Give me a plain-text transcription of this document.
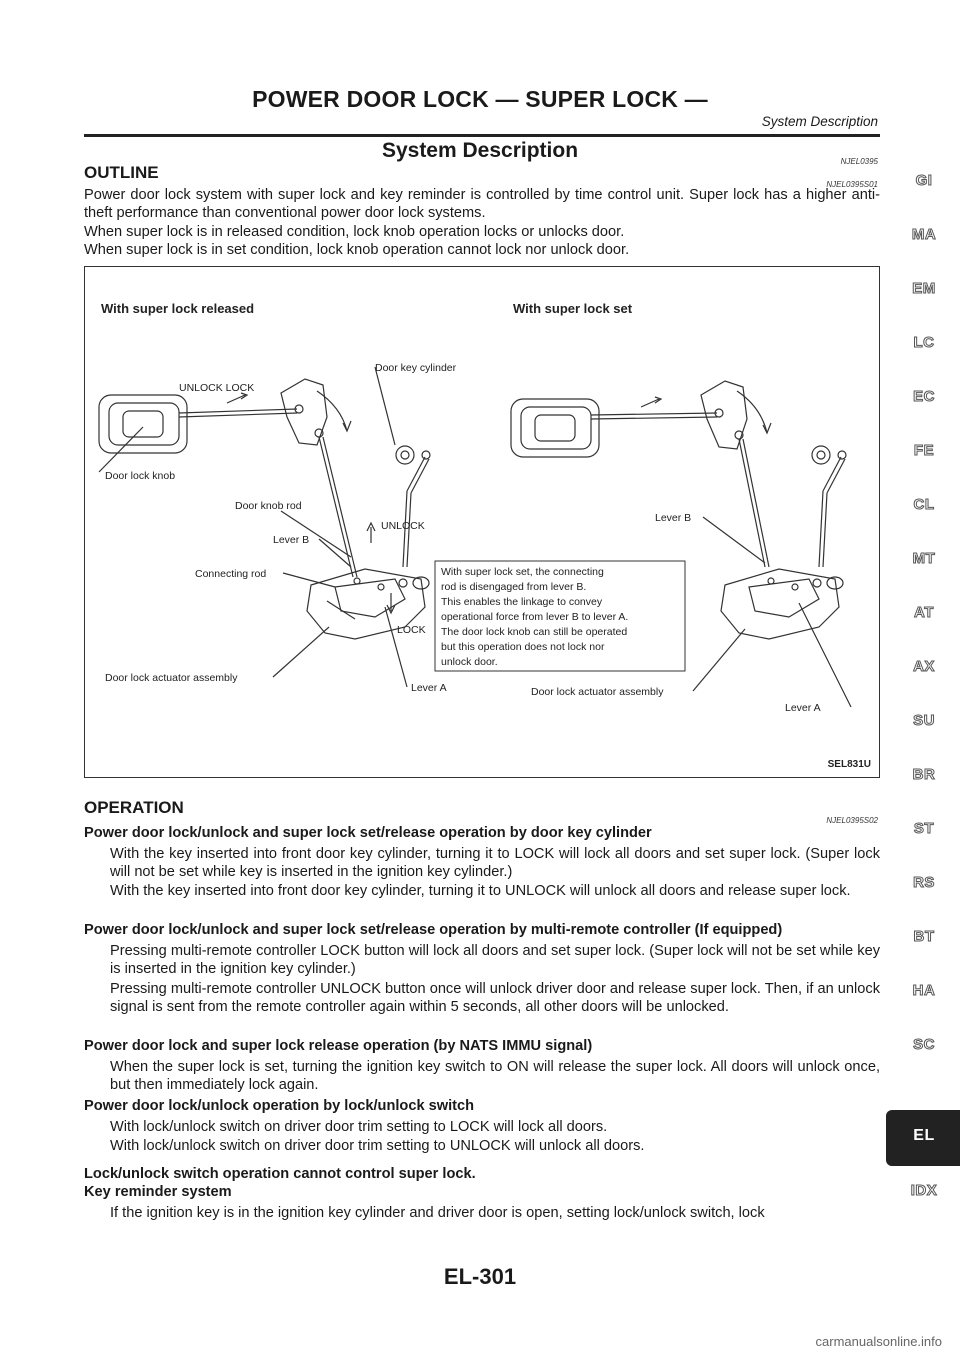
POWER DOOR LOCK — SUPER LOCK —
System Description
System Description	NJEL0395
OUTLINE
NJEL0395S01
Power door lock system with super lock and key reminder is controlled by time control unit. Super lock has a higher anti-theft performance than conventional power door lock systems.
When super lock is in released condition, lock knob operation locks or unlocks door.
When super lock is in set condition, lock knob operation cannot lock nor unlock door.
With super lock released	With super lock set
UNLOCK LOCK
Door key cylinder
Door lock knob
Door knob rod
Lever B
Connecting rod
UNLOCK
LOCK
Door lock actuator assembly
Lever A
Lever B
Door lock actuator assembly
Lever A
With super lock set, the connecting
rod is disengaged from lever B.
This enables the linkage to convey
operational force from lever B to lever A.
The door lock knob can still be operated
but this operation does not lock nor
unlock door.
SEL831U
OPERATION
NJEL0395S02
Power door lock/unlock and super lock set/release operation by door key cylinder
With the key inserted into front door key cylinder, turning it to LOCK will lock all doors and set super lock. (Super lock will not be set while key is inserted in the ignition key cylinder.)
With the key inserted into front door key cylinder, turning it to UNLOCK will unlock all doors and release super lock.
Power door lock/unlock and super lock set/release operation by multi-remote controller (If equipped)
Pressing multi-remote controller LOCK button will lock all doors and set super lock. (Super lock will not be set while key is inserted in the ignition key cylinder.)
Pressing multi-remote controller UNLOCK button once will unlock driver door and release super lock. Then, if an unlock signal is sent from the remote controller again within 5 seconds, all other doors will be unlocked.
Power door lock and super lock release operation (by NATS IMMU signal)
When the super lock is set, turning the ignition key switch to ON will release the super lock. All doors will unlock once, but then immediately lock again.
Power door lock/unlock operation by lock/unlock switch
With lock/unlock switch on driver door trim setting to LOCK will lock all doors.
With lock/unlock switch on driver door trim setting to UNLOCK will unlock all doors.
Lock/unlock switch operation cannot control super lock.
Key reminder system
If the ignition key is in the ignition key cylinder and driver door is open, setting lock/unlock switch, lock
GI
MA
EM
LC
EC
FE
CL
MT
AT
AX
SU
BR
ST
RS
BT
HA
SC
EL
IDX
EL-301
carmanualsonline.info
